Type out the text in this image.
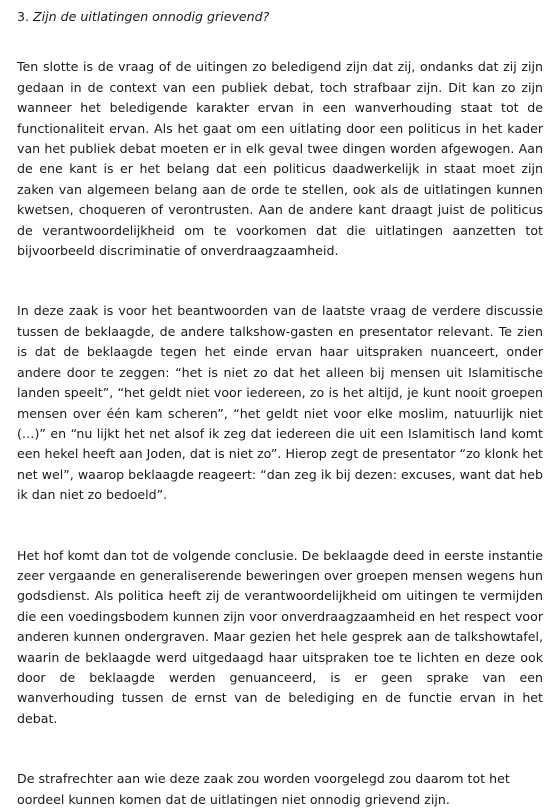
3. Zijn de uitlatingen onnodig grievend?

Ten slotte is de vraag of de uitingen zo beledigend zijn dat zij, ondanks dat zij zijn gedaan in de context van een publiek debat, toch strafbaar zijn. Dit kan zo zijn wanneer het beledigende karakter ervan in een wanverhouding staat tot de functionaliteit ervan. Als het gaat om een uitlating door een politicus in het kader van het publiek debat moeten er in elk geval twee dingen worden afgewogen. Aan de ene kant is er het belang dat een politicus daadwerkelijk in staat moet zijn zaken van algemeen belang aan de orde te stellen, ook als de uitlatingen kunnen kwetsen, choqueren of verontrusten. Aan de andere kant draagt juist de politicus de verantwoordelijkheid om te voorkomen dat die uitlatingen aanzetten tot bijvoorbeeld discriminatie of onverdraagzaamheid.

In deze zaak is voor het beantwoorden van de laatste vraag de verdere discussie tussen de beklaagde, de andere talkshow-gasten en presentator relevant. Te zien is dat de beklaagde tegen het einde ervan haar uitspraken nuanceert, onder andere door te zeggen: “het is niet zo dat het alleen bij mensen uit Islamitische landen speelt”, “het geldt niet voor iedereen, zo is het altijd, je kunt nooit groepen mensen over één kam scheren”, “het geldt niet voor elke moslim, natuurlijk niet (…)” en “nu lijkt het net alsof ik zeg dat iedereen die uit een Islamitisch land komt een hekel heeft aan Joden, dat is niet zo”. Hierop zegt de presentator “zo klonk het net wel”, waarop beklaagde reageert: “dan zeg ik bij dezen: excuses, want dat heb ik dan niet zo bedoeld”.

Het hof komt dan tot de volgende conclusie. De beklaagde deed in eerste instantie zeer vergaande en generaliserende beweringen over groepen mensen wegens hun godsdienst. Als politica heeft zij de verantwoordelijkheid om uitingen te vermijden die een voedingsbodem kunnen zijn voor onverdraagzaamheid en het respect voor anderen kunnen ondergraven. Maar gezien het hele gesprek aan de talkshowtafel, waarin de beklaagde werd uitgedaagd haar uitspraken toe te lichten en deze ook door de beklaagde werden genuanceerd, is er geen sprake van een wanverhouding tussen de ernst van de belediging en de functie ervan in het debat.

De strafrechter aan wie deze zaak zou worden voorgelegd zou daarom tot het oordeel kunnen komen dat de uitlatingen niet onnodig grievend zijn.
